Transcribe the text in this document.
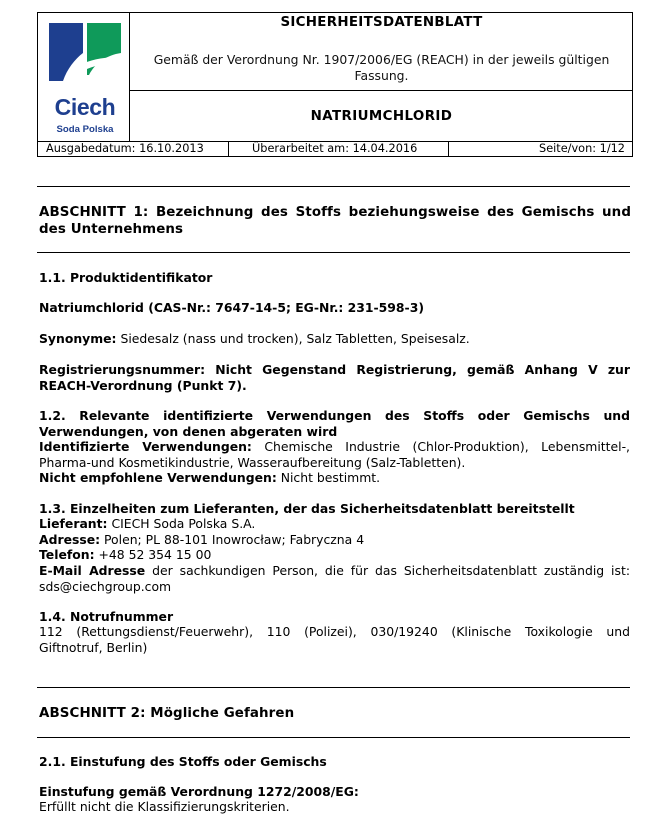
Ciech
Soda Polska
SICHERHEITSDATENBLATT
Gemäß der Verordnung Nr. 1907/2006/EG (REACH) in der jeweils gültigen
Fassung.
NATRIUMCHLORID
Ausgabedatum: 16.10.2013	Überarbeitet am: 14.04.2016	Seite/von: 1/12
ABSCHNITT 1: Bezeichnung des Stoffs beziehungsweise des Gemischs und
des Unternehmens
1.1. Produktidentifikator
Natriumchlorid (CAS-Nr.: 7647-14-5; EG-Nr.: 231-598-3)
Synonyme: Siedesalz (nass und trocken), Salz Tabletten, Speisesalz.
Registrierungsnummer: Nicht Gegenstand Registrierung, gemäß Anhang V zur
REACH-Verordnung (Punkt 7).
1.2. Relevante identifizierte Verwendungen des Stoffs oder Gemischs und
Verwendungen, von denen abgeraten wird
Identifizierte Verwendungen: Chemische Industrie (Chlor-Produktion), Lebensmittel-,
Pharma-und Kosmetikindustrie, Wasseraufbereitung (Salz-Tabletten).
Nicht empfohlene Verwendungen: Nicht bestimmt.
1.3. Einzelheiten zum Lieferanten, der das Sicherheitsdatenblatt bereitstellt
Lieferant: CIECH Soda Polska S.A.
Adresse: Polen; PL 88-101 Inowrocław; Fabryczna 4
Telefon: +48 52 354 15 00
E-Mail Adresse der sachkundigen Person, die für das Sicherheitsdatenblatt zuständig ist:
sds@ciechgroup.com
1.4. Notrufnummer
112 (Rettungsdienst/Feuerwehr), 110 (Polizei), 030/19240 (Klinische Toxikologie und
Giftnotruf, Berlin)
ABSCHNITT 2: Mögliche Gefahren
2.1. Einstufung des Stoffs oder Gemischs
Einstufung gemäß Verordnung 1272/2008/EG:
Erfüllt nicht die Klassifizierungskriterien.
